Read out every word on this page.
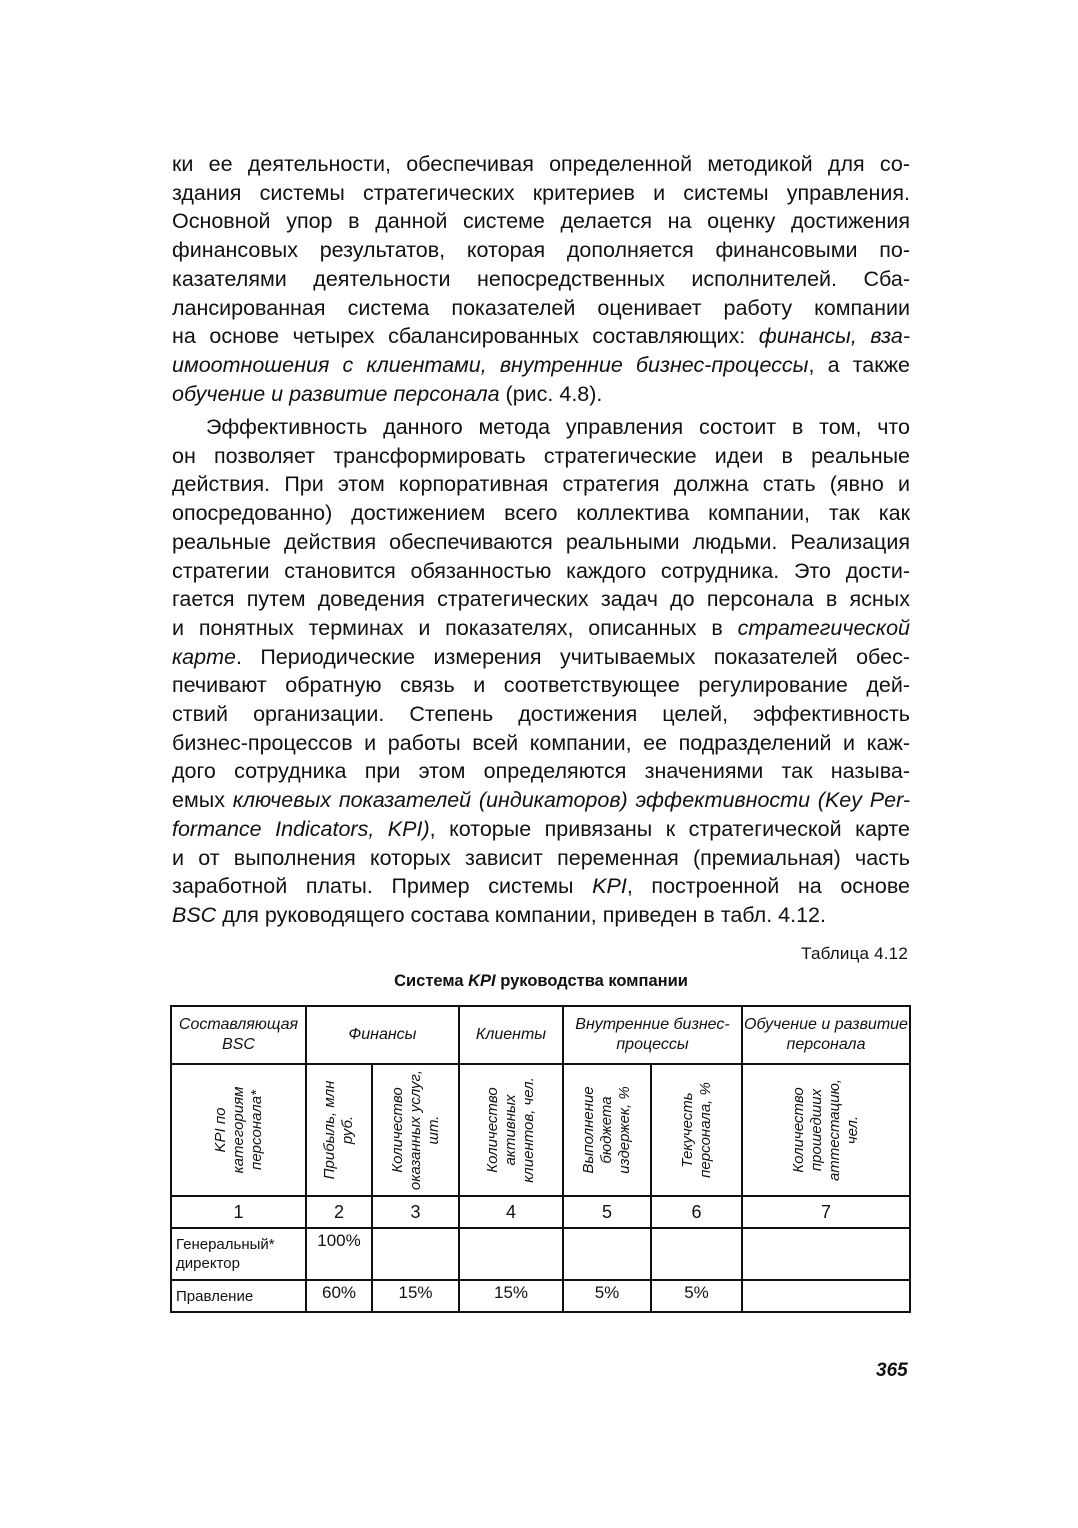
ки ее деятельности, обеспечивая определенной методикой для со-
здания системы стратегических критериев и системы управления.
Основной упор в данной системе делается на оценку достижения
финансовых результатов, которая дополняется финансовыми по-
казателями деятельности непосредственных исполнителей. Сба-
лансированная система показателей оценивает работу компании
на основе четырех сбалансированных составляющих: финансы, вза-
имоотношения с клиентами, внутренние бизнес-процессы, а также
обучение и развитие персонала (рис. 4.8).

Эффективность данного метода управления состоит в том, что
он позволяет трансформировать стратегические идеи в реальные
действия. При этом корпоративная стратегия должна стать (явно и
опосредованно) достижением всего коллектива компании, так как
реальные действия обеспечиваются реальными людьми. Реализация
стратегии становится обязанностью каждого сотрудника. Это дости-
гается путем доведения стратегических задач до персонала в ясных
и понятных терминах и показателях, описанных в стратегической
карте. Периодические измерения учитываемых показателей обес-
печивают обратную связь и соответствующее регулирование дей-
ствий организации. Степень достижения целей, эффективность
бизнес-процессов и работы всей компании, ее подразделений и каж-
дого сотрудника при этом определяются значениями так называ-
емых ключевых показателей (индикаторов) эффективности (Key Per-
formance Indicators, KPI), которые привязаны к стратегической карте
и от выполнения которых зависит переменная (премиальная) часть
заработной платы. Пример системы KPI, построенной на основе
BSC для руководящего состава компании, приведен в табл. 4.12.

Таблица 4.12
Система KPI руководства компании
Составляющая BSC	Финансы		Клиенты	Внутренние бизнес-процессы		Обучение и развитие персонала

KPI по категориям персонала*	Прибыль, млн руб.	Количество оказанных услуг, шт.	Количество активных клиентов, чел.	Выполнение бюджета издержек, %	Текучесть персонала, %	Количество прошедших аттестацию, чел.

1	2	3	4	5	6	7
Генеральный* директор	100%					
Правление	60%	15%	15%	5%	5%	
365
